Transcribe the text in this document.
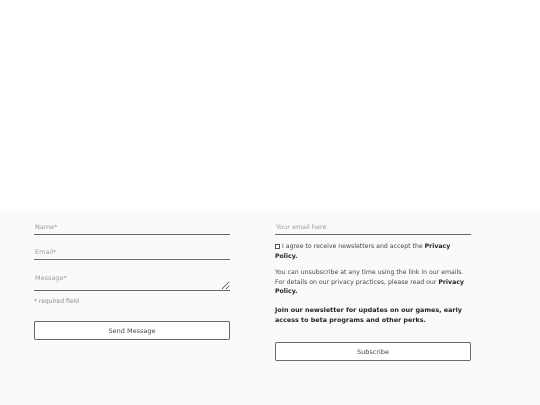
Name*
Email*
Message*
* required field
Send Message
Your email here
I agree to receive newsletters and accept the Privacy Policy.
You can unsubscribe at any time using the link in our emails. For details on our privacy practices, please read our Privacy Policy.
Join our newsletter for updates on our games, early access to beta programs and other perks.
Subscribe
